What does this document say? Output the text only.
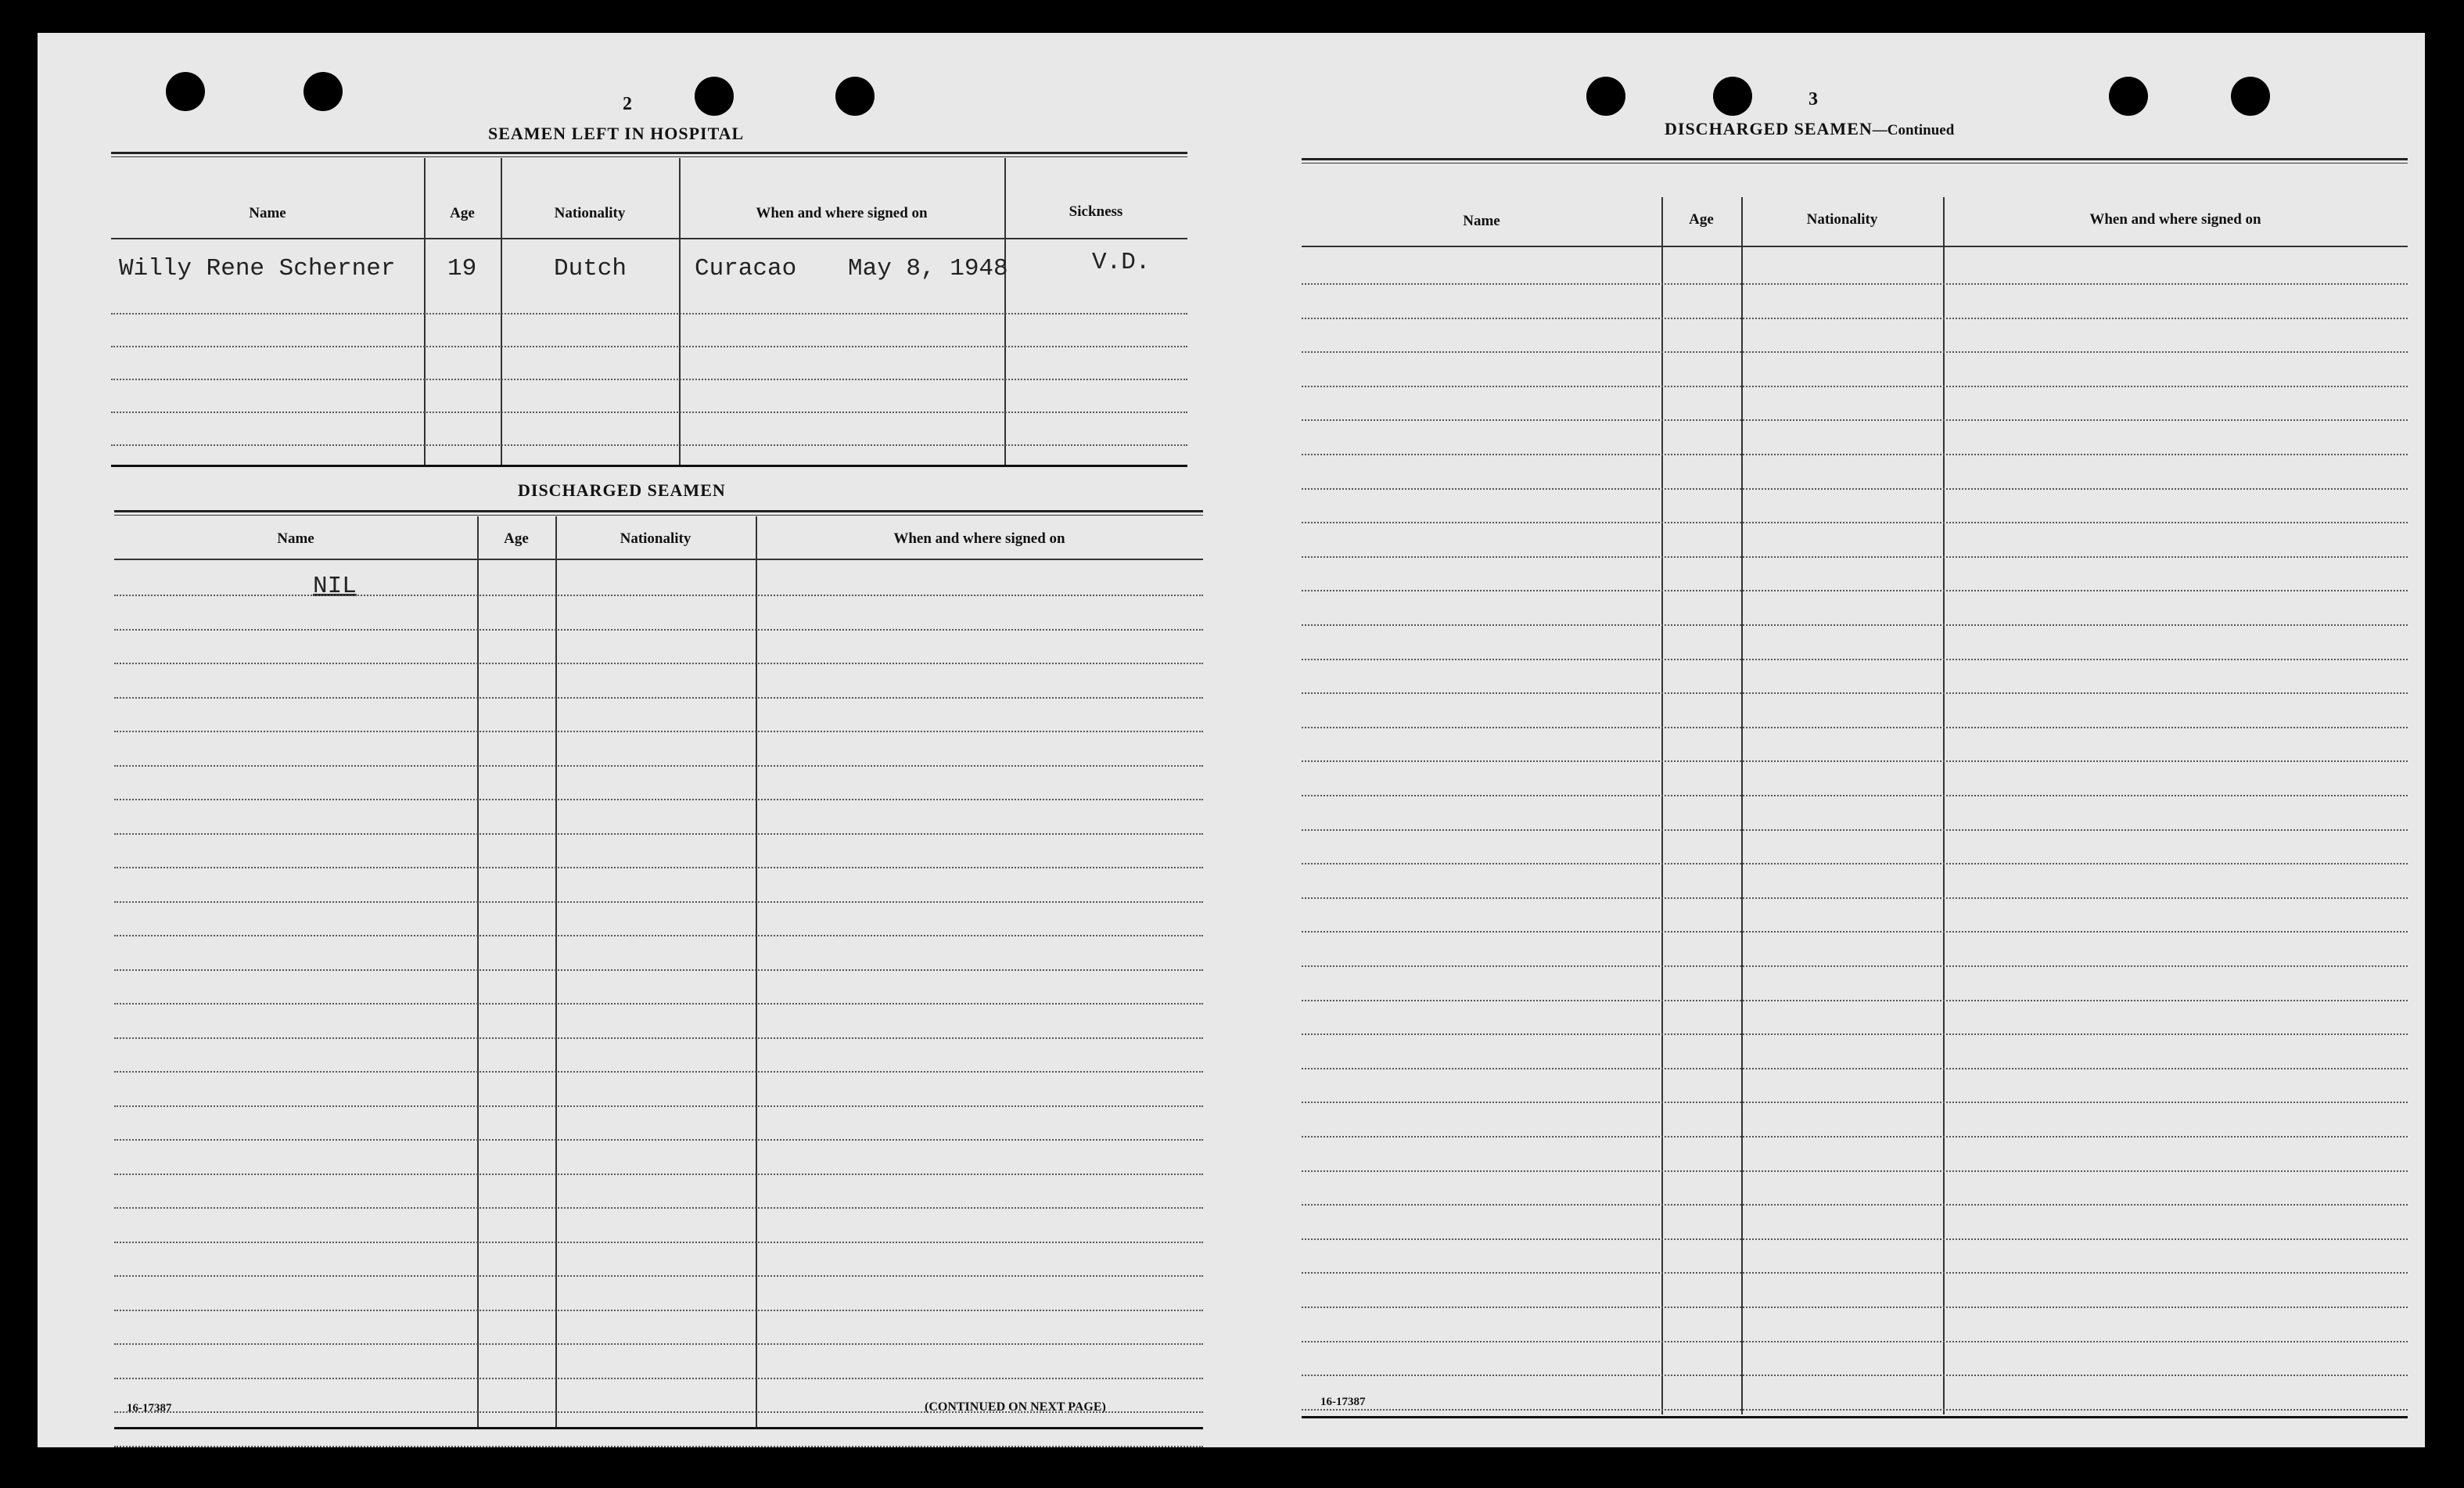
2
SEAMEN LEFT IN HOSPITAL
Name	Age	Nationality	When and where signed on	Sickness
Willy Rene Scherner 19	Dutch	Curacao May 8, 1948	V.D.
DISCHARGED SEAMEN
Name	Age	Nationality	When and where signed on
NIL
16-17387	(CONTINUED ON NEXT PAGE)
3
DISCHARGED SEAMEN—Continued
Name	Age	Nationality	When and where signed on
16-17387
